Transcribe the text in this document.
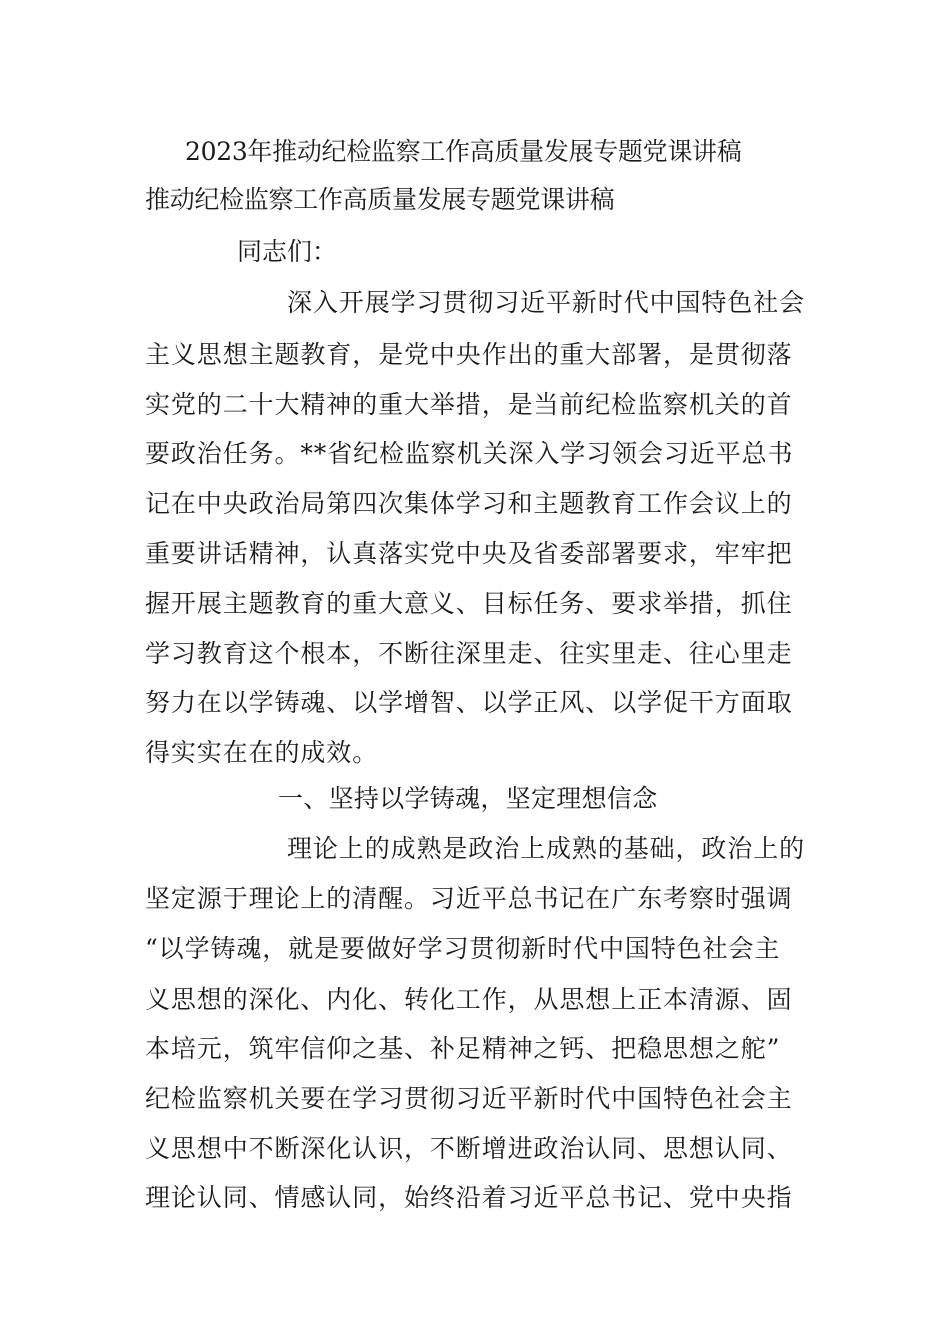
2023年推动纪检监察工作高质量发展专题党课讲稿
推动纪检监察工作高质量发展专题党课讲稿
同志们：
深入开展学习贯彻习近平新时代中国特色社会
主义思想主题教育，是党中央作出的重大部署，是贯彻落
实党的二十大精神的重大举措，是当前纪检监察机关的首
要政治任务。**省纪检监察机关深入学习领会习近平总书
记在中央政治局第四次集体学习和主题教育工作会议上的
重要讲话精神，认真落实党中央及省委部署要求，牢牢把
握开展主题教育的重大意义、目标任务、要求举措，抓住
学习教育这个根本，不断往深里走、往实里走、往心里走
努力在以学铸魂、以学增智、以学正风、以学促干方面取
得实实在在的成效。
一、坚持以学铸魂，坚定理想信念
理论上的成熟是政治上成熟的基础，政治上的
坚定源于理论上的清醒。习近平总书记在广东考察时强调
“以学铸魂，就是要做好学习贯彻新时代中国特色社会主
义思想的深化、内化、转化工作，从思想上正本清源、固
本培元，筑牢信仰之基、补足精神之钙、把稳思想之舵”
纪检监察机关要在学习贯彻习近平新时代中国特色社会主
义思想中不断深化认识，不断增进政治认同、思想认同、
理论认同、情感认同，始终沿着习近平总书记、党中央指
